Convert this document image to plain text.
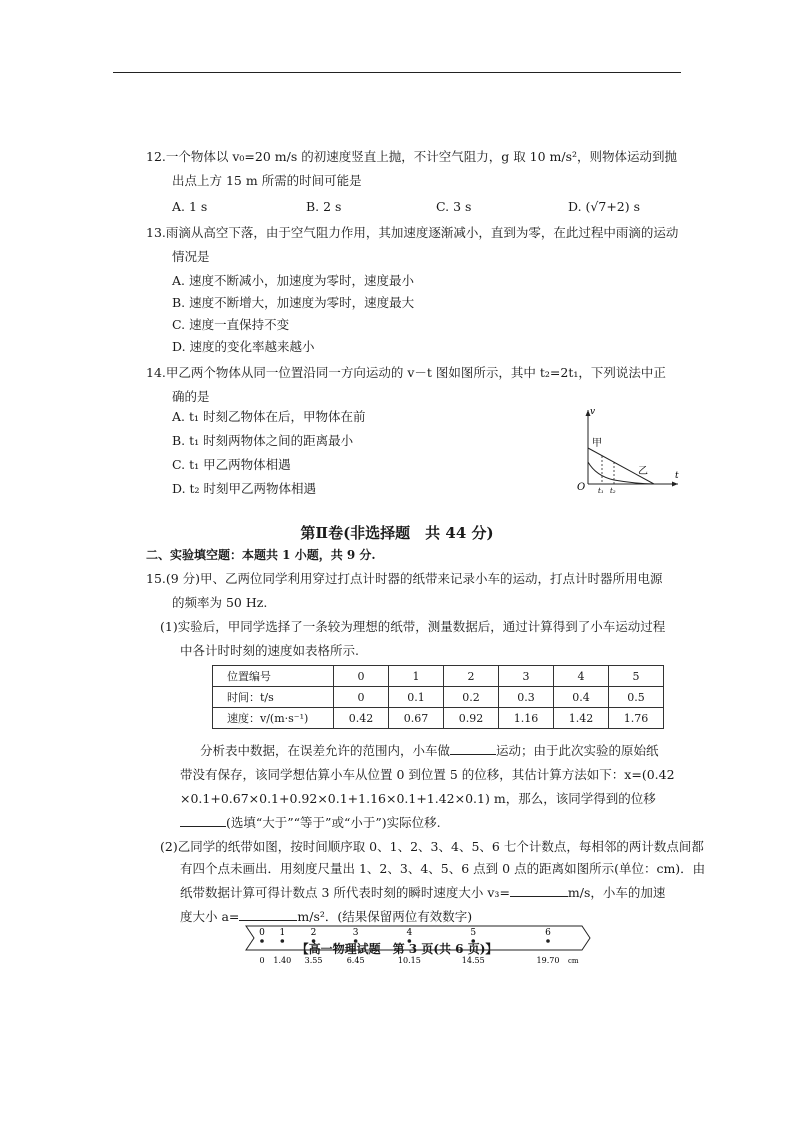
12.一个物体以 v₀=20 m/s 的初速度竖直上抛，不计空气阻力，g 取 10 m/s²，则物体运动到抛
出点上方 15 m 所需的时间可能是
A. 1 s	B. 2 s	C. 3 s	D. (√7+2) s
13.雨滴从高空下落，由于空气阻力作用，其加速度逐渐减小，直到为零，在此过程中雨滴的运动
情况是
A. 速度不断减小，加速度为零时，速度最小
B. 速度不断增大，加速度为零时，速度最大
C. 速度一直保持不变
D. 速度的变化率越来越小
14.甲乙两个物体从同一位置沿同一方向运动的 v－t 图如图所示，其中 t₂=2t₁，下列说法中正
确的是
A. t₁ 时刻乙物体在后，甲物体在前
B. t₁ 时刻两物体之间的距离最小
C. t₁ 甲乙两物体相遇
D. t₂ 时刻甲乙两物体相遇
v
t
O
甲
乙
t₁ t₂
第Ⅱ卷(非选择题　共 44 分)
二、实验填空题：本题共 1 小题，共 9 分.
15.(9 分)甲、乙两位同学利用穿过打点计时器的纸带来记录小车的运动，打点计时器所用电源
的频率为 50 Hz.
(1)实验后，甲同学选择了一条较为理想的纸带，测量数据后，通过计算得到了小车运动过程
中各计时时刻的速度如表格所示.
位置编号	0	1	2	3	4	5
时间：t/s	0	0.1	0.2	0.3	0.4	0.5
速度：v/(m·s⁻¹)	0.42	0.67	0.92	1.16	1.42	1.76
分析表中数据，在误差允许的范围内，小车做	运动；由于此次实验的原始纸
带没有保存，该同学想估算小车从位置 0 到位置 5 的位移，其估计算方法如下：x=(0.42
×0.1+0.67×0.1+0.92×0.1+1.16×0.1+1.42×0.1) m，那么，该同学得到的位移
(选填“大于”“等于”或“小于”)实际位移.
(2)乙同学的纸带如图，按时间顺序取 0、1、2、3、4、5、6 七个计数点，每相邻的两计数点间都
有四个点未画出．用刻度尺量出 1、2、3、4、5、6 点到 0 点的距离如图所示(单位：cm)．由
纸带数据计算可得计数点 3 所代表时刻的瞬时速度大小 v₃=	m/s，小车的加速
度大小 a=	m/s²．(结果保留两位有效数字)
0
0
1
1.40
2
3.55
3
6.45
4
10.15
5
14.55
6
19.70 cm
【高一物理试题　第 3 页(共 6 页)】
